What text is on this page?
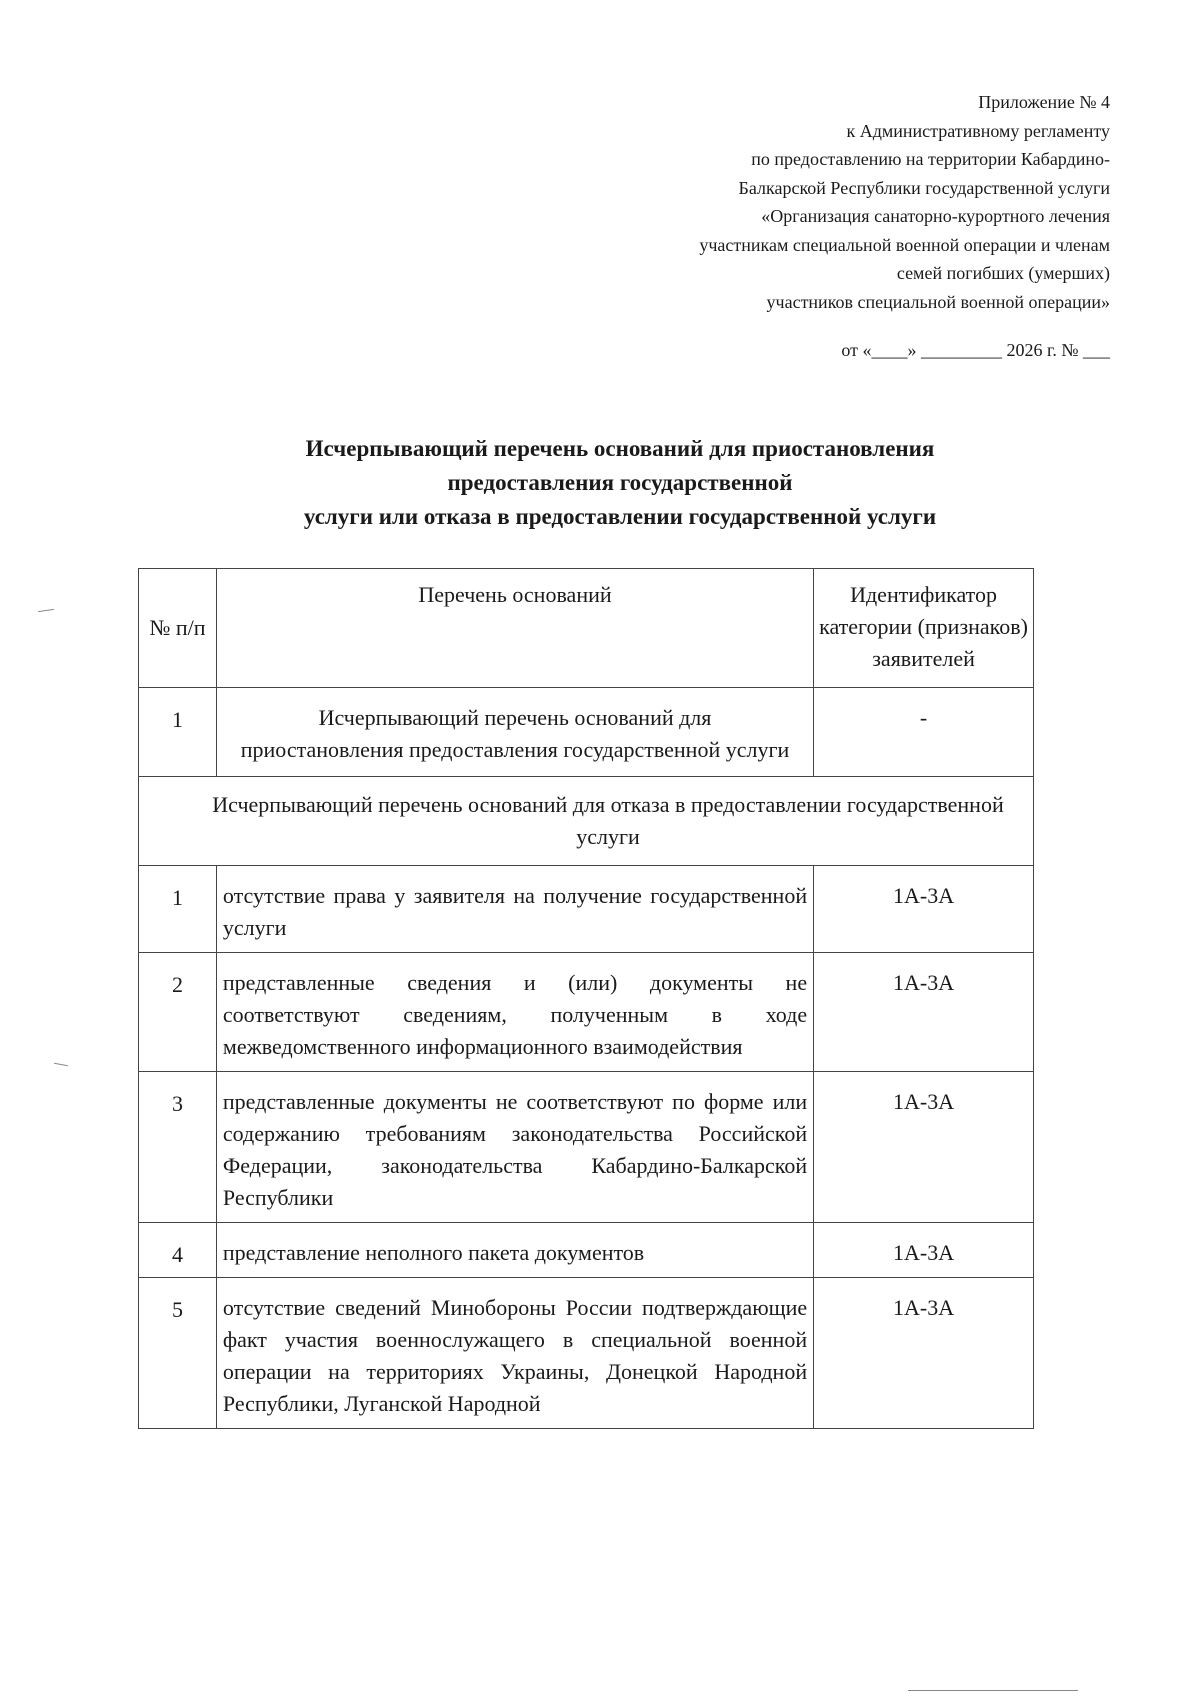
Приложение № 4
к Административному регламенту
по предоставлению на территории Кабардино-
Балкарской Республики государственной услуги
«Организация санаторно-курортного лечения
участникам специальной военной операции и членам
семей погибших (умерших)
участников специальной военной операции»
от «____» _________ 2026 г. № ___
Исчерпывающий перечень оснований для приостановления
предоставления государственной
услуги или отказа в предоставлении государственной услуги
№ п/п	Перечень оснований	Идентификатор категории (признаков) заявителей
1	Исчерпывающий перечень оснований для приостановления предоставления государственной услуги	-
Исчерпывающий перечень оснований для отказа в предоставлении государственной услуги		
1	отсутствие права у заявителя на получение государственной услуги	1А-3А
2	представленные сведения и (или) документы не соответствуют сведениям, полученным в ходе межведомственного информационного взаимодействия	1А-3А
3	представленные документы не соответствуют по форме или содержанию требованиям законодательства Российской Федерации, законодательства Кабардино-Балкарской Республики	1А-3А
4	представление неполного пакета документов	1А-3А
5	отсутствие сведений Минобороны России подтверждающие факт участия военнослужащего в специальной военной операции на территориях Украины, Донецкой Народной Республики, Луганской Народной	1А-3А
